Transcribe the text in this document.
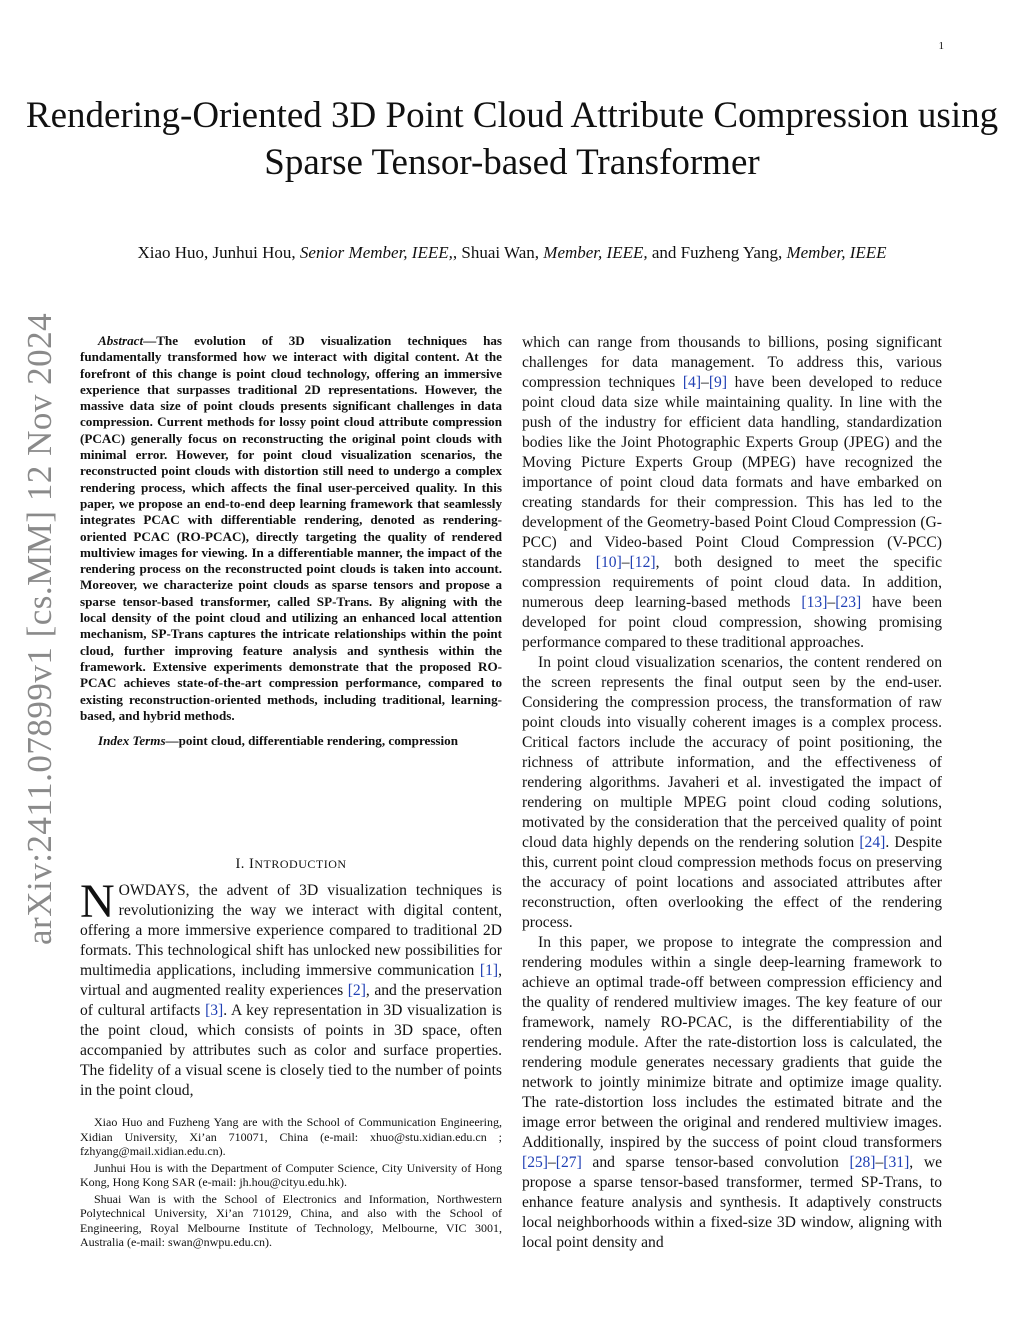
1
arXiv:2411.07899v1 [cs.MM] 12 Nov 2024
Rendering-Oriented 3D Point Cloud Attribute Compression using Sparse Tensor-based Transformer
Xiao Huo, Junhui Hou, Senior Member, IEEE,, Shuai Wan, Member, IEEE, and Fuzheng Yang, Member, IEEE

Abstract—The evolution of 3D visualization techniques has fundamentally transformed how we interact with digital content. At the forefront of this change is point cloud technology, offering an immersive experience that surpasses traditional 2D representations. However, the massive data size of point clouds presents significant challenges in data compression. Current methods for lossy point cloud attribute compression (PCAC) generally focus on reconstructing the original point clouds with minimal error. However, for point cloud visualization scenarios, the reconstructed point clouds with distortion still need to undergo a complex rendering process, which affects the final user-perceived quality. In this paper, we propose an end-to-end deep learning framework that seamlessly integrates PCAC with differentiable rendering, denoted as rendering-oriented PCAC (RO-PCAC), directly targeting the quality of rendered multiview images for viewing. In a differentiable manner, the impact of the rendering process on the reconstructed point clouds is taken into account. Moreover, we characterize point clouds as sparse tensors and propose a sparse tensor-based transformer, called SP-Trans. By aligning with the local density of the point cloud and utilizing an enhanced local attention mechanism, SP-Trans captures the intricate relationships within the point cloud, further improving feature analysis and synthesis within the framework. Extensive experiments demonstrate that the proposed RO-PCAC achieves state-of-the-art compression performance, compared to existing reconstruction-oriented methods, including traditional, learning-based, and hybrid methods.

Index Terms—point cloud, differentiable rendering, compression

I. INTRODUCTION

NOWDAYS, the advent of 3D visualization techniques is revolutionizing the way we interact with digital content, offering a more immersive experience compared to traditional 2D formats. This technological shift has unlocked new possibilities for multimedia applications, including immersive communication [1], virtual and augmented reality experiences [2], and the preservation of cultural artifacts [3]. A key representation in 3D visualization is the point cloud, which consists of points in 3D space, often accompanied by attributes such as color and surface properties. The fidelity of a visual scene is closely tied to the number of points in the point cloud,

Xiao Huo and Fuzheng Yang are with the School of Communication Engineering, Xidian University, Xi’an 710071, China (e-mail: xhuo@stu.xidian.edu.cn ; fzhyang@mail.xidian.edu.cn).

Junhui Hou is with the Department of Computer Science, City University of Hong Kong, Hong Kong SAR (e-mail: jh.hou@cityu.edu.hk).

Shuai Wan is with the School of Electronics and Information, Northwestern Polytechnical University, Xi’an 710129, China, and also with the School of Engineering, Royal Melbourne Institute of Technology, Melbourne, VIC 3001, Australia (e-mail: swan@nwpu.edu.cn).

which can range from thousands to billions, posing significant challenges for data management. To address this, various compression techniques [4]–[9] have been developed to reduce point cloud data size while maintaining quality. In line with the push of the industry for efficient data handling, standardization bodies like the Joint Photographic Experts Group (JPEG) and the Moving Picture Experts Group (MPEG) have recognized the importance of point cloud data formats and have embarked on creating standards for their compression. This has led to the development of the Geometry-based Point Cloud Compression (G-PCC) and Video-based Point Cloud Compression (V-PCC) standards [10]–[12], both designed to meet the specific compression requirements of point cloud data. In addition, numerous deep learning-based methods [13]–[23] have been developed for point cloud compression, showing promising performance compared to these traditional approaches.

In point cloud visualization scenarios, the content rendered on the screen represents the final output seen by the end-user. Considering the compression process, the transformation of raw point clouds into visually coherent images is a complex process. Critical factors include the accuracy of point positioning, the richness of attribute information, and the effectiveness of rendering algorithms. Javaheri et al. investigated the impact of rendering on multiple MPEG point cloud coding solutions, motivated by the consideration that the perceived quality of point cloud data highly depends on the rendering solution [24]. Despite this, current point cloud compression methods focus on preserving the accuracy of point locations and associated attributes after reconstruction, often overlooking the effect of the rendering process.

In this paper, we propose to integrate the compression and rendering modules within a single deep-learning framework to achieve an optimal trade-off between compression efficiency and the quality of rendered multiview images. The key feature of our framework, namely RO-PCAC, is the differentiability of the rendering module. After the rate-distortion loss is calculated, the rendering module generates necessary gradients that guide the network to jointly minimize bitrate and optimize image quality. The rate-distortion loss includes the estimated bitrate and the image error between the original and rendered multiview images. Additionally, inspired by the success of point cloud transformers [25]–[27] and sparse tensor-based convolution [28]–[31], we propose a sparse tensor-based transformer, termed SP-Trans, to enhance feature analysis and synthesis. It adaptively constructs local neighborhoods within a fixed-size 3D window, aligning with local point density and
